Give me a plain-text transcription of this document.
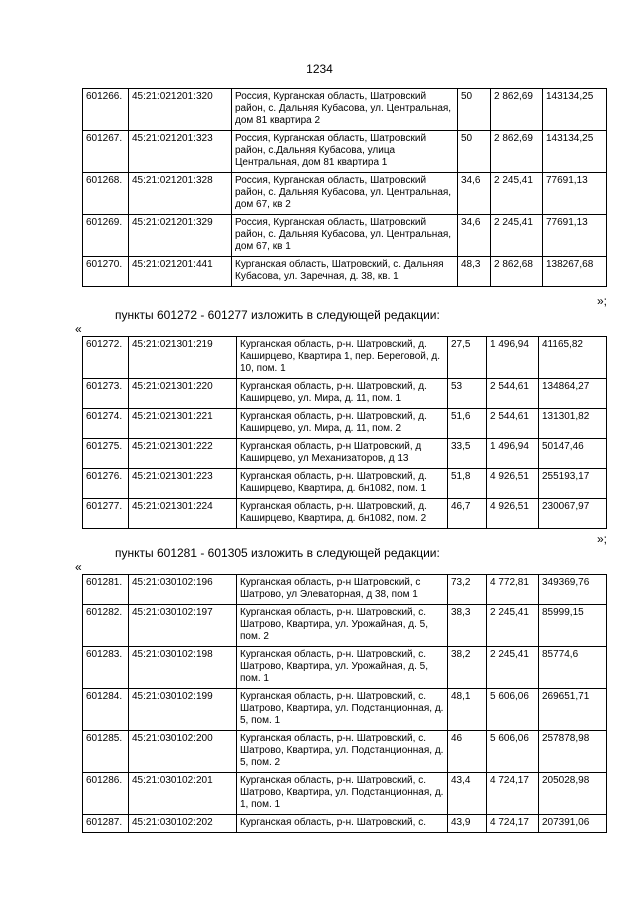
1234
601266.	45:21:021201:320	Россия, Курганская область, Шатровский район, с. Дальняя Кубасова, ул. Центральная, дом 81 квартира 2	50	2 862,69	143134,25
601267.	45:21:021201:323	Россия, Курганская область, Шатровский район, с.Дальняя Кубасова, улица Центральная, дом 81 квартира 1	50	2 862,69	143134,25
601268.	45:21:021201:328	Россия, Курганская область, Шатровский район, с. Дальняя Кубасова, ул. Центральная, дом 67, кв 2	34,6	2 245,41	77691,13
601269.	45:21:021201:329	Россия, Курганская область, Шатровский район, с. Дальняя Кубасова, ул. Центральная, дом 67, кв 1	34,6	2 245,41	77691,13
601270.	45:21:021201:441	Курганская область, Шатровский, с. Дальняя Кубасова, ул. Заречная, д. 38, кв. 1	48,3	2 862,68	138267,68
»;
пункты 601272 - 601277 изложить в следующей редакции:
«
601272.	45:21:021301:219	Курганская область, р-н. Шатровский, д. Каширцево, Квартира 1, пер. Береговой, д. 10, пом. 1	27,5	1 496,94	41165,82
601273.	45:21:021301:220	Курганская область, р-н. Шатровский, д. Каширцево, ул. Мира, д. 11, пом. 1	53	2 544,61	134864,27
601274.	45:21:021301:221	Курганская область, р-н. Шатровский, д. Каширцево, ул. Мира, д. 11, пом. 2	51,6	2 544,61	131301,82
601275.	45:21:021301:222	Курганская область, р-н Шатровский, д Каширцево, ул Механизаторов, д 13	33,5	1 496,94	50147,46
601276.	45:21:021301:223	Курганская область, р-н. Шатровский, д. Каширцево, Квартира, д. бн1082, пом. 1	51,8	4 926,51	255193,17
601277.	45:21:021301:224	Курганская область, р-н. Шатровский, д. Каширцево, Квартира, д. бн1082, пом. 2	46,7	4 926,51	230067,97
»;
пункты 601281 - 601305 изложить в следующей редакции:
«
601281.	45:21:030102:196	Курганская область, р-н Шатровский, с Шатрово, ул Элеваторная, д 38, пом 1	73,2	4 772,81	349369,76
601282.	45:21:030102:197	Курганская область, р-н. Шатровский, с. Шатрово, Квартира, ул. Урожайная, д. 5, пом. 2	38,3	2 245,41	85999,15
601283.	45:21:030102:198	Курганская область, р-н. Шатровский, с. Шатрово, Квартира, ул. Урожайная, д. 5, пом. 1	38,2	2 245,41	85774,6
601284.	45:21:030102:199	Курганская область, р-н. Шатровский, с. Шатрово, Квартира, ул. Подстанционная, д. 5, пом. 1	48,1	5 606,06	269651,71
601285.	45:21:030102:200	Курганская область, р-н. Шатровский, с. Шатрово, Квартира, ул. Подстанционная, д. 5, пом. 2	46	5 606,06	257878,98
601286.	45:21:030102:201	Курганская область, р-н. Шатровский, с. Шатрово, Квартира, ул. Подстанционная, д. 1, пом. 1	43,4	4 724,17	205028,98
601287.	45:21:030102:202	Курганская область, р-н. Шатровский, с.	43,9	4 724,17	207391,06
